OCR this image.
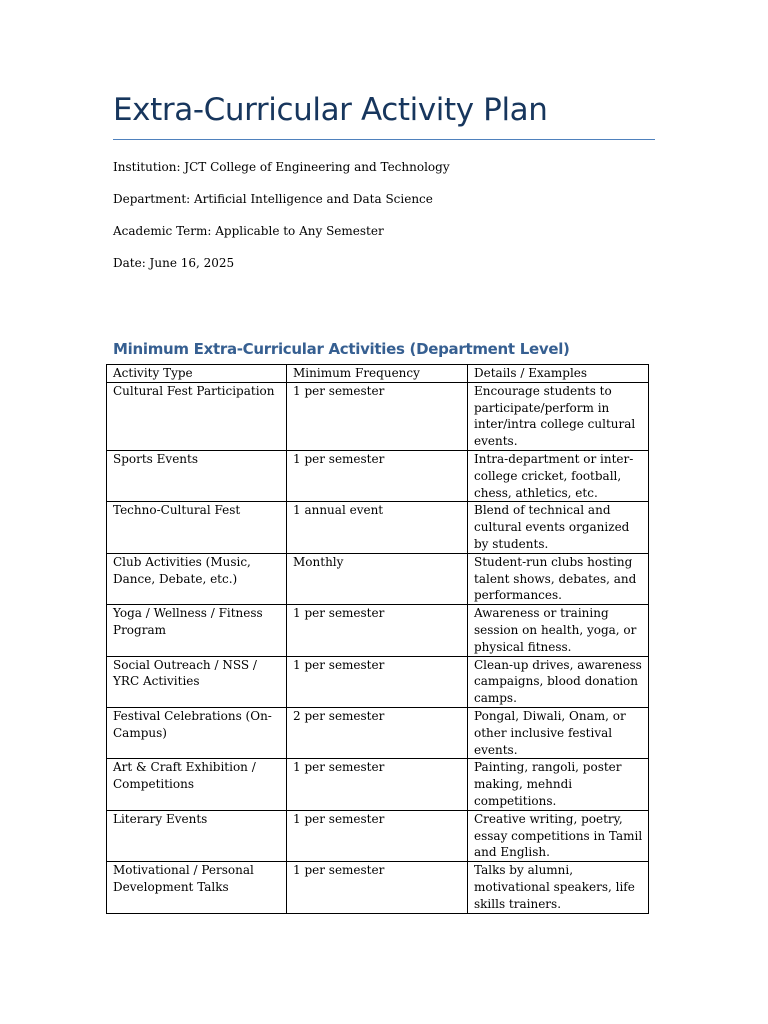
Extra-Curricular Activity Plan

Institution: JCT College of Engineering and Technology

Department: Artificial Intelligence and Data Science

Academic Term: Applicable to Any Semester

Date: June 16, 2025

Minimum Extra-Curricular Activities (Department Level)
Activity Type	Minimum Frequency	Details / Examples
Cultural Fest Participation	1 per semester	Encourage students to participate/perform in inter/intra college cultural events.
Sports Events	1 per semester	Intra-department or inter-college cricket, football, chess, athletics, etc.
Techno-Cultural Fest	1 annual event	Blend of technical and cultural events organized by students.
Club Activities (Music, Dance, Debate, etc.)	Monthly	Student-run clubs hosting talent shows, debates, and performances.
Yoga / Wellness / Fitness Program	1 per semester	Awareness or training session on health, yoga, or physical fitness.
Social Outreach / NSS / YRC Activities	1 per semester	Clean-up drives, awareness campaigns, blood donation camps.
Festival Celebrations (On-Campus)	2 per semester	Pongal, Diwali, Onam, or other inclusive festival events.
Art & Craft Exhibition / Competitions	1 per semester	Painting, rangoli, poster making, mehndi competitions.
Literary Events	1 per semester	Creative writing, poetry, essay competitions in Tamil and English.
Motivational / Personal Development Talks	1 per semester	Talks by alumni, motivational speakers, life skills trainers.
